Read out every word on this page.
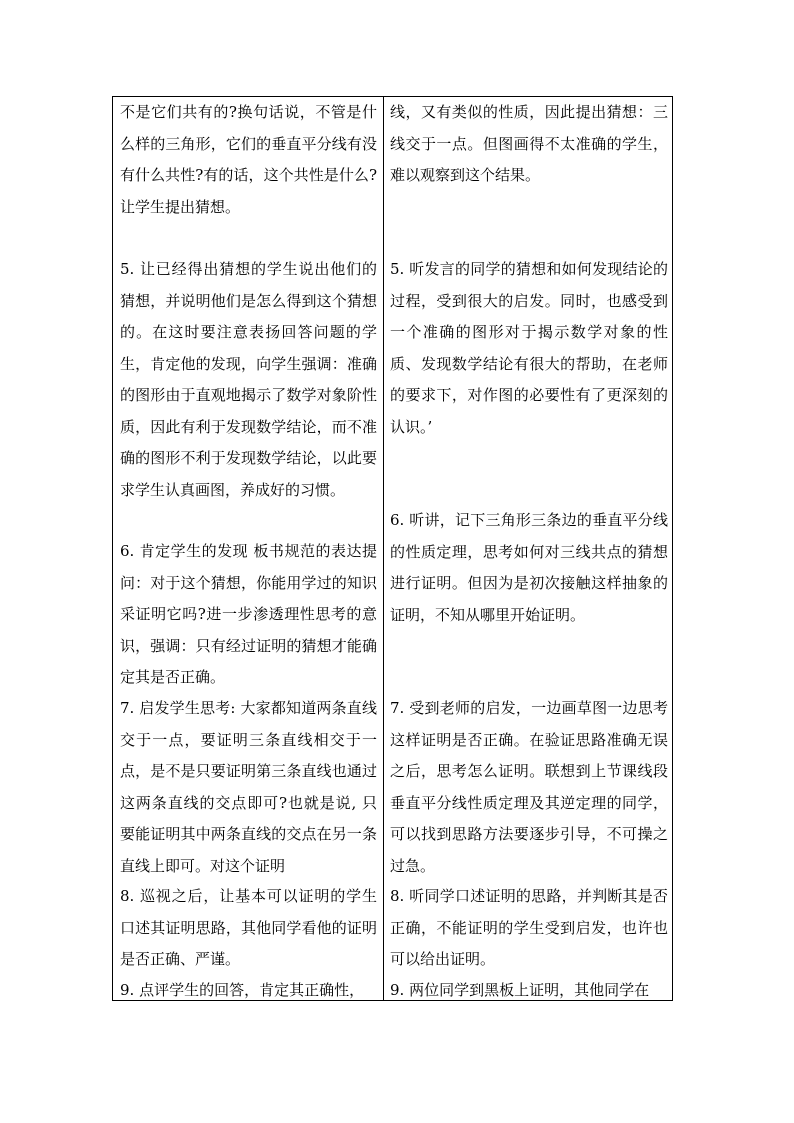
不是它们共有的?换句话说，不管是什么样的三角形，它们的垂直平分线有没有什么共性?有的话，这个共性是什么?让学生提出猜想。

5. 让已经得出猜想的学生说出他们的猜想，并说明他们是怎么得到这个猜想的。在这时要注意表扬回答问题的学生，肯定他的发现，向学生强调：准确的图形由于直观地揭示了数学对象阶性质，因此有利于发现数学结论，而不准确的图形不利于发现数学结论，以此要求学生认真画图，养成好的习惯。

6. 肯定学生的发现 板书规范的表达提问：对于这个猜想，你能用学过的知识采证明它吗?进一步渗透理性思考的意识，强调：只有经过证明的猜想才能确定其是否正确。

7. 启发学生思考: 大家都知道两条直线交于一点，要证明三条直线相交于一点，是不是只要证明第三条直线也通过这两条直线的交点即可?也就是说, 只要能证明其中两条直线的交点在另一条直线上即可。对这个证明

8. 巡视之后，让基本可以证明的学生口述其证明思路，其他同学看他的证明是否正确、严谨。

9. 点评学生的回答，肯定其正确性，

线，又有类似的性质，因此提出猜想：三线交于一点。但图画得不太准确的学生，难以观察到这个结果。

5. 听发言的同学的猜想和如何发现结论的过程，受到很大的启发。同时，也感受到一个准确的图形对于揭示数学对象的性质、发现数学结论有很大的帮助，在老师的要求下，对作图的必要性有了更深刻的认识。’

6. 听讲，记下三角形三条边的垂直平分线的性质定理，思考如何对三线共点的猜想进行证明。但因为是初次接触这样抽象的证明，不知从哪里开始证明。

7. 受到老师的启发，一边画草图一边思考这样证明是否正确。在验证思路准确无误之后，思考怎么证明。联想到上节课线段垂直平分线性质定理及其逆定理的同学，可以找到思路方法要逐步引导，不可操之过急。

8. 听同学口述证明的思路，并判断其是否正确，不能证明的学生受到启发，也许也可以给出证明。

9. 两位同学到黑板上证明，其他同学在
